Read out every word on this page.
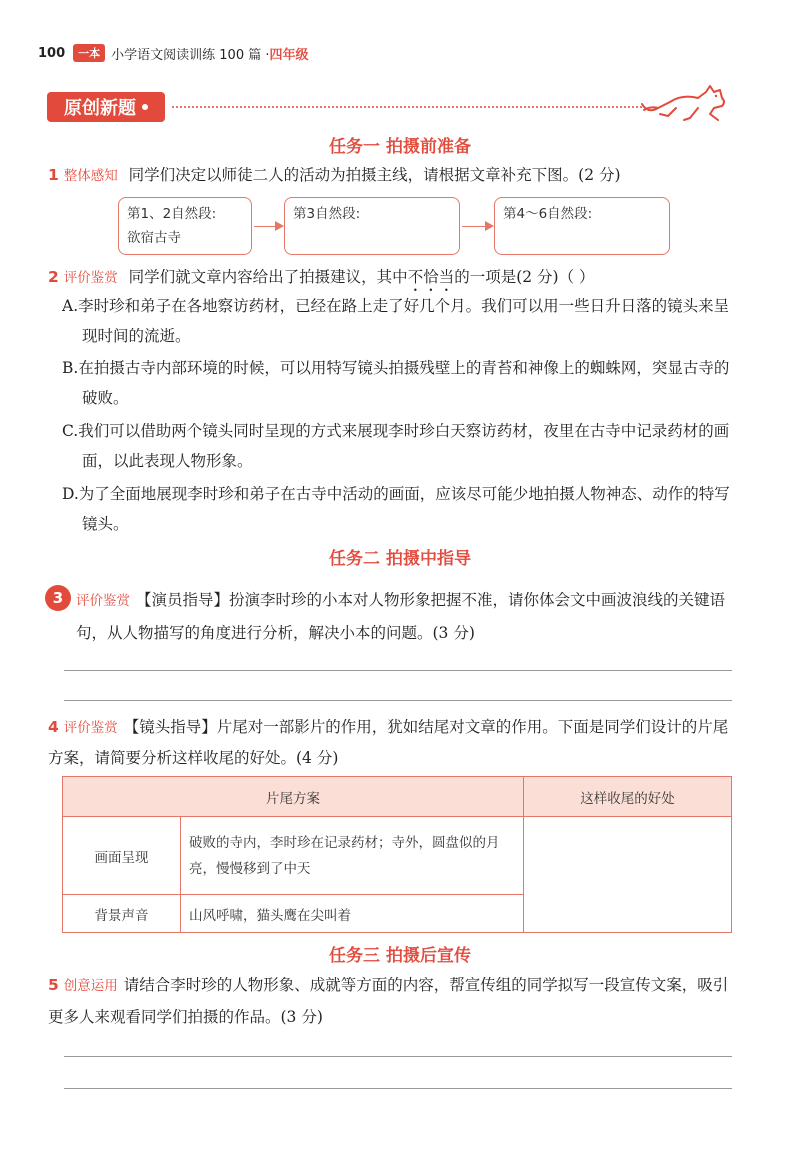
100	一本 小学语文阅读训练 100 篇 · 四年级
原创新题
任务一 拍摄前准备
1 整体感知 同学们决定以师徒二人的活动为拍摄主线，请根据文章补充下图。(2 分)
第1、2自然段:
欲宿古寺
第3自然段:	第4～6自然段:
2 评价鉴赏 同学们就文章内容给出了拍摄建议，其中不恰当的一项是(2 分)（ ）
A.李时珍和弟子在各地察访药材，已经在路上走了好几个月。我们可以用一些日升日落的镜头来呈现时间的流逝。
B.在拍摄古寺内部环境的时候，可以用特写镜头拍摄残壁上的青苔和神像上的蜘蛛网，突显古寺的破败。
C.我们可以借助两个镜头同时呈现的方式来展现李时珍白天察访药材，夜里在古寺中记录药材的画面，以此表现人物形象。
D.为了全面地展现李时珍和弟子在古寺中活动的画面，应该尽可能少地拍摄人物神态、动作的特写镜头。
任务二 拍摄中指导
3 评价鉴赏 【演员指导】扮演李时珍的小本对人物形象把握不准，请你体会文中画波浪线的关键语句，从人物描写的角度进行分析，解决小本的问题。(3 分)
4 评价鉴赏 【镜头指导】片尾对一部影片的作用，犹如结尾对文章的作用。下面是同学们设计的片尾方案，请简要分析这样收尾的好处。(4 分)
片尾方案		这样收尾的好处
画面呈现	破败的寺内，李时珍在记录药材；寺外，圆盘似的月亮，慢慢移到了中天	
背景声音	山风呼啸，猫头鹰在尖叫着	
任务三 拍摄后宣传
5 创意运用 请结合李时珍的人物形象、成就等方面的内容，帮宣传组的同学拟写一段宣传文案，吸引更多人来观看同学们拍摄的作品。(3 分)
